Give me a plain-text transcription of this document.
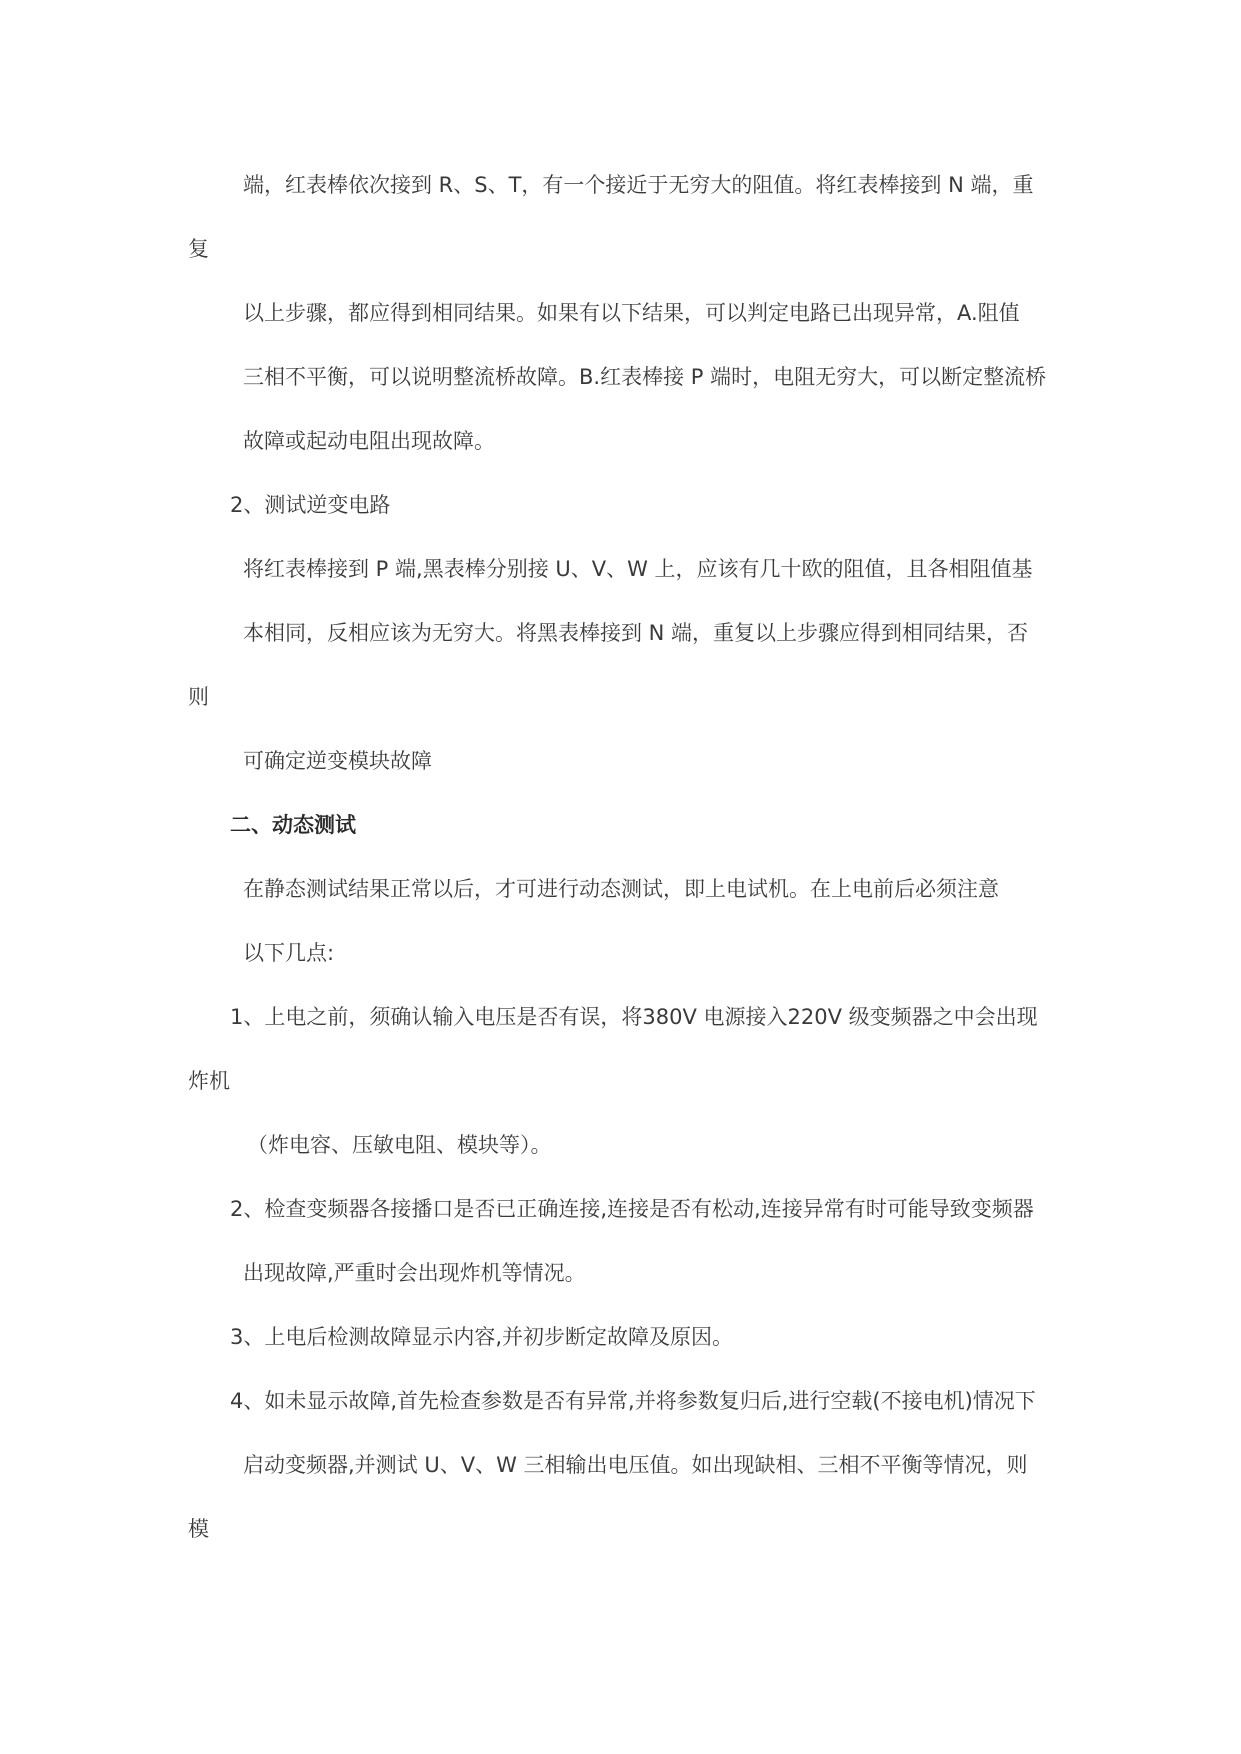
端，红表棒依次接到 R、S、T，有一个接近于无穷大的阻值。将红表棒接到 N 端，重
复
以上步骤，都应得到相同结果。如果有以下结果，可以判定电路已出现异常，A.阻值
三相不平衡，可以说明整流桥故障。B.红表棒接 P 端时，电阻无穷大，可以断定整流桥
故障或起动电阻出现故障。
2、测试逆变电路
将红表棒接到 P 端,黑表棒分别接 U、V、W 上，应该有几十欧的阻值，且各相阻值基
本相同，反相应该为无穷大。将黑表棒接到 N 端，重复以上步骤应得到相同结果，否
则
可确定逆变模块故障
二、动态测试
在静态测试结果正常以后，才可进行动态测试，即上电试机。在上电前后必须注意
以下几点:
1、上电之前，须确认输入电压是否有误，将380V 电源接入220V 级变频器之中会出现
炸机
（炸电容、压敏电阻、模块等）。
2、检查变频器各接播口是否已正确连接,连接是否有松动,连接异常有时可能导致变频器
出现故障,严重时会出现炸机等情况。
3、上电后检测故障显示内容,并初步断定故障及原因。
4、如未显示故障,首先检查参数是否有异常,并将参数复归后,进行空载(不接电机)情况下
启动变频器,并测试 U、V、W 三相输出电压值。如出现缺相、三相不平衡等情况，则
模
